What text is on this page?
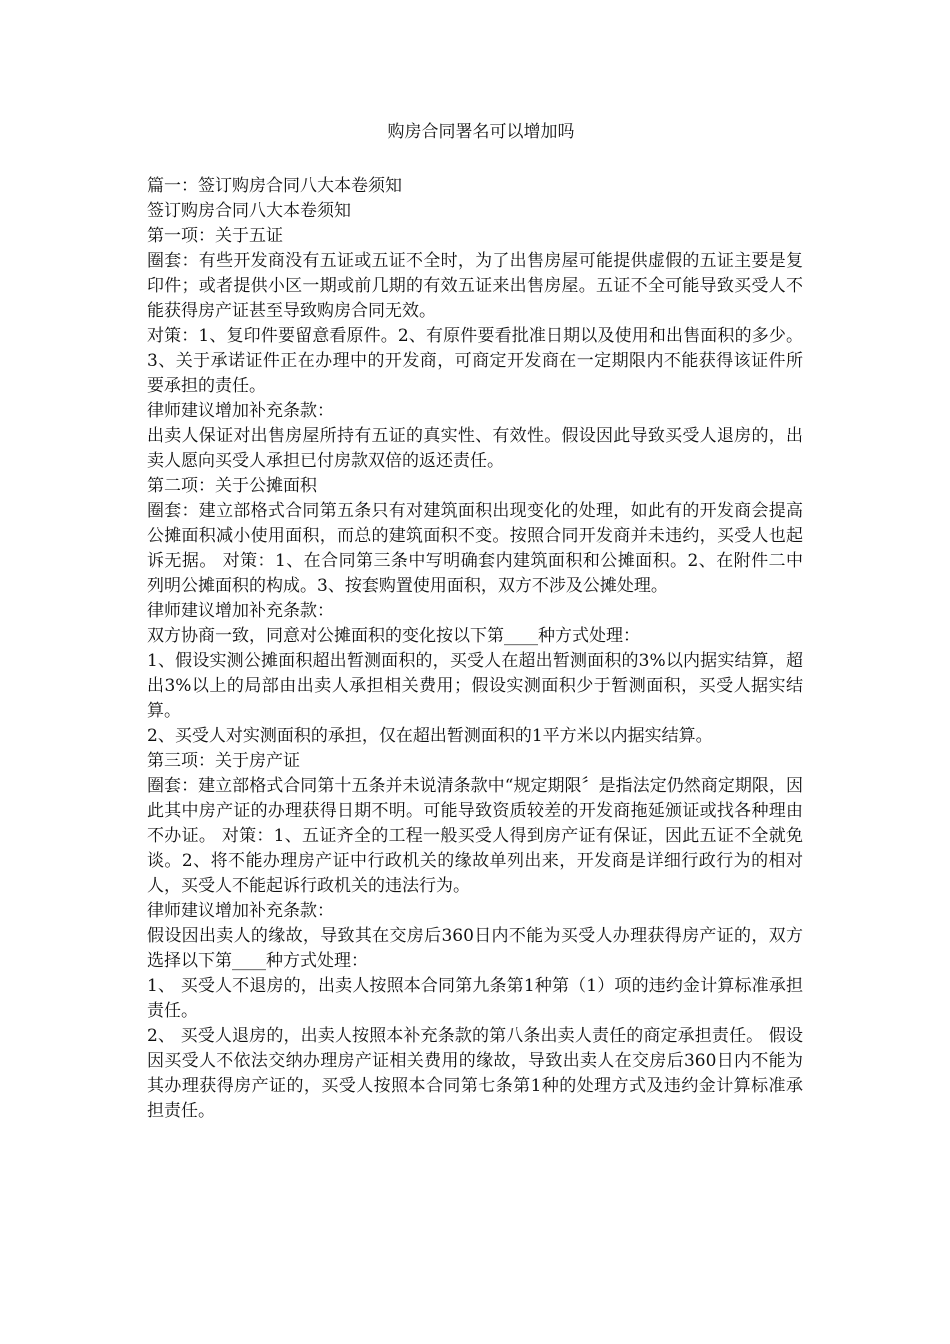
购房合同署名可以增加吗

篇一：签订购房合同八大本卷须知

签订购房合同八大本卷须知

第一项：关于五证

圈套：有些开发商没有五证或五证不全时，为了出售房屋可能提供虚假的五证主要是复印件；或者提供小区一期或前几期的有效五证来出售房屋。五证不全可能导致买受人不能获得房产证甚至导致购房合同无效。

对策：1、复印件要留意看原件。2、有原件要看批准日期以及使用和出售面积的多少。3、关于承诺证件正在办理中的开发商，可商定开发商在一定期限内不能获得该证件所要承担的责任。

律师建议增加补充条款：

出卖人保证对出售房屋所持有五证的真实性、有效性。假设因此导致买受人退房的，出卖人愿向买受人承担已付房款双倍的返还责任。

第二项：关于公摊面积

圈套：建立部格式合同第五条只有对建筑面积出现变化的处理，如此有的开发商会提高公摊面积减小使用面积，而总的建筑面积不变。按照合同开发商并未违约，买受人也起诉无据。 对策：1、在合同第三条中写明确套内建筑面积和公摊面积。2、在附件二中列明公摊面积的构成。3、按套购置使用面积，双方不涉及公摊处理。

律师建议增加补充条款：

双方协商一致，同意对公摊面积的变化按以下第____种方式处理：

1、假设实测公摊面积超出暂测面积的，买受人在超出暂测面积的3%以内据实结算，超出3%以上的局部由出卖人承担相关费用；假设实测面积少于暂测面积，买受人据实结算。

2、买受人对实测面积的承担，仅在超出暂测面积的1平方米以内据实结算。

第三项：关于房产证

圈套：建立部格式合同第十五条并未说清条款中“规定期限〞是指法定仍然商定期限，因此其中房产证的办理获得日期不明。可能导致资质较差的开发商拖延颁证或找各种理由不办证。 对策：1、五证齐全的工程一般买受人得到房产证有保证，因此五证不全就免谈。2、将不能办理房产证中行政机关的缘故单列出来，开发商是详细行政行为的相对人，买受人不能起诉行政机关的违法行为。

律师建议增加补充条款：

假设因出卖人的缘故，导致其在交房后360日内不能为买受人办理获得房产证的，双方选择以下第____种方式处理：

1、 买受人不退房的，出卖人按照本合同第九条第1种第（1）项的违约金计算标准承担责任。

2、 买受人退房的，出卖人按照本补充条款的第八条出卖人责任的商定承担责任。 假设因买受人不依法交纳办理房产证相关费用的缘故，导致出卖人在交房后360日内不能为其办理获得房产证的，买受人按照本合同第七条第1种的处理方式及违约金计算标准承担责任。
